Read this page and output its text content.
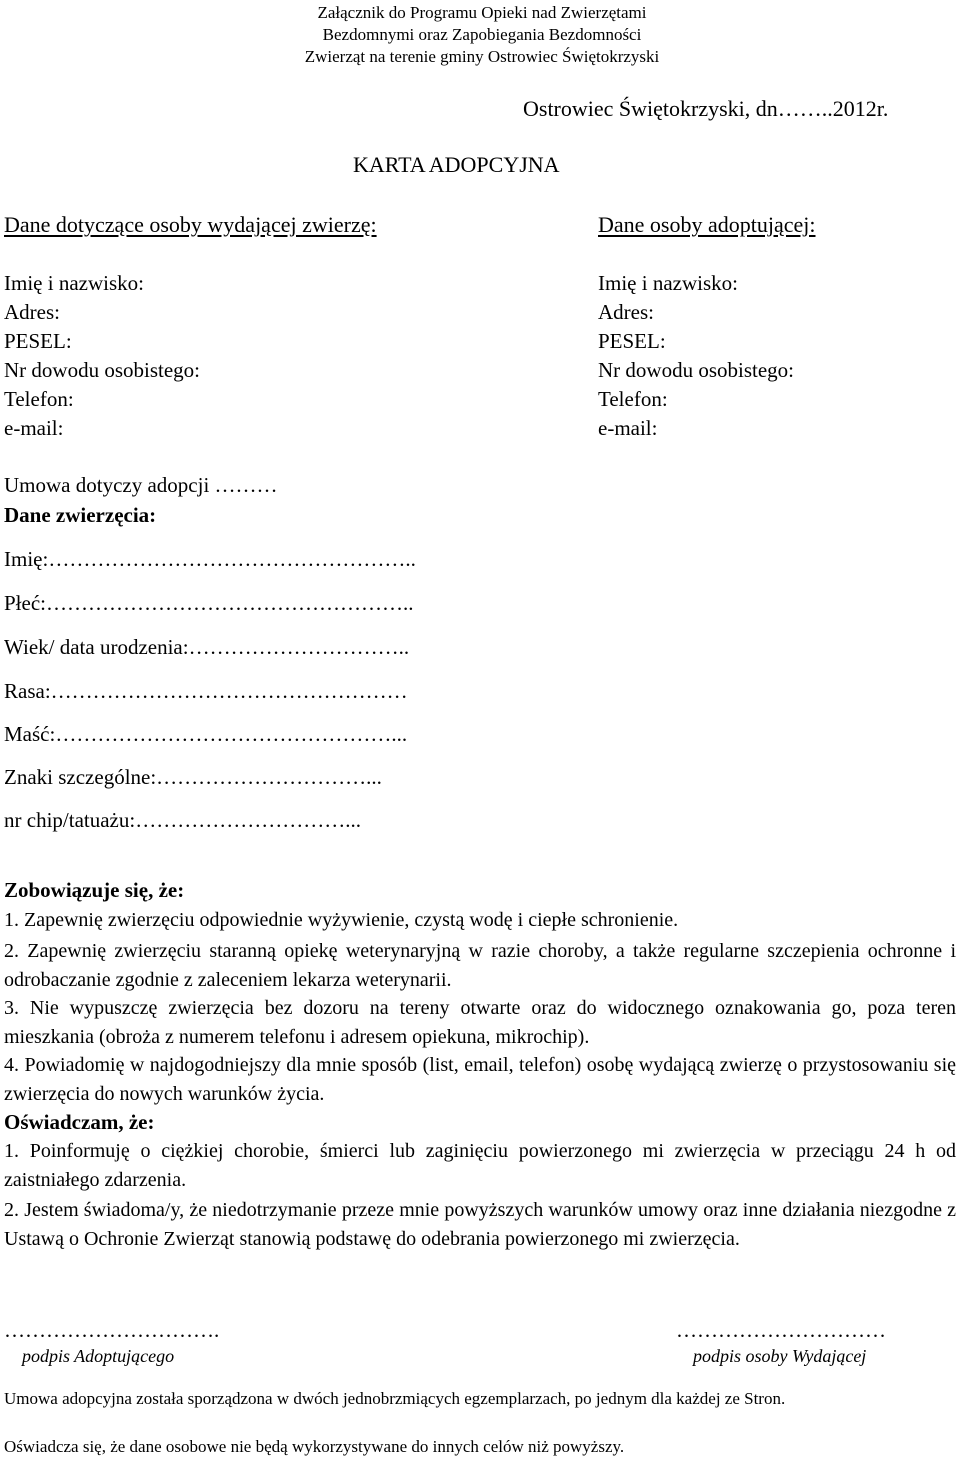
Załącznik do Programu Opieki nad Zwierzętami
Bezdomnymi oraz Zapobiegania Bezdomności
Zwierząt na terenie gminy Ostrowiec Świętokrzyski
Ostrowiec Świętokrzyski, dn……..2012r.
KARTA ADOPCYJNA
Dane dotyczące osoby wydającej zwierzę:
Imię i nazwisko:
Adres:
PESEL:
Nr dowodu osobistego:
Telefon:
e-mail:
Dane osoby adoptującej:
Imię i nazwisko:
Adres:
PESEL:
Nr dowodu osobistego:
Telefon:
e-mail:
Umowa dotyczy adopcji ………
Dane zwierzęcia:
Imię:……………………………………………..
Płeć:……………………………………………..
Wiek/ data urodzenia:…………………………..
Rasa:……………………………………………
Maść:…………………………………………...
Znaki szczególne:…………………………...
nr chip/tatuażu:…………………………...
Zobowiązuje się, że:
1. Zapewnię zwierzęciu odpowiednie wyżywienie, czystą wodę i ciepłe schronienie.
2. Zapewnię zwierzęciu staranną opiekę weterynaryjną w razie choroby, a także regularne szczepienia ochronne i odrobaczanie zgodnie z zaleceniem lekarza weterynarii.
3. Nie wypuszczę zwierzęcia bez dozoru na tereny otwarte oraz do widocznego oznakowania go, poza teren mieszkania (obroża z numerem telefonu i adresem opiekuna, mikrochip).
4. Powiadomię w najdogodniejszy dla mnie sposób (list, email, telefon) osobę wydającą zwierzę o przystosowaniu się zwierzęcia do nowych warunków życia.
Oświadczam, że:
1. Poinformuję o ciężkiej chorobie, śmierci lub zaginięciu powierzonego mi zwierzęcia w przeciągu 24 h od zaistniałego zdarzenia.
2. Jestem świadoma/y, że niedotrzymanie przeze mnie powyższych warunków umowy oraz inne działania niezgodne z Ustawą o Ochronie Zwierząt stanowią podstawę do odebrania powierzonego mi zwierzęcia.
………………………….
podpis Adoptującego
…………………………
podpis osoby Wydającej
Umowa adopcyjna została sporządzona w dwóch jednobrzmiących egzemplarzach, po jednym dla każdej ze Stron.
Oświadcza się, że dane osobowe nie będą wykorzystywane do innych celów niż powyższy.
